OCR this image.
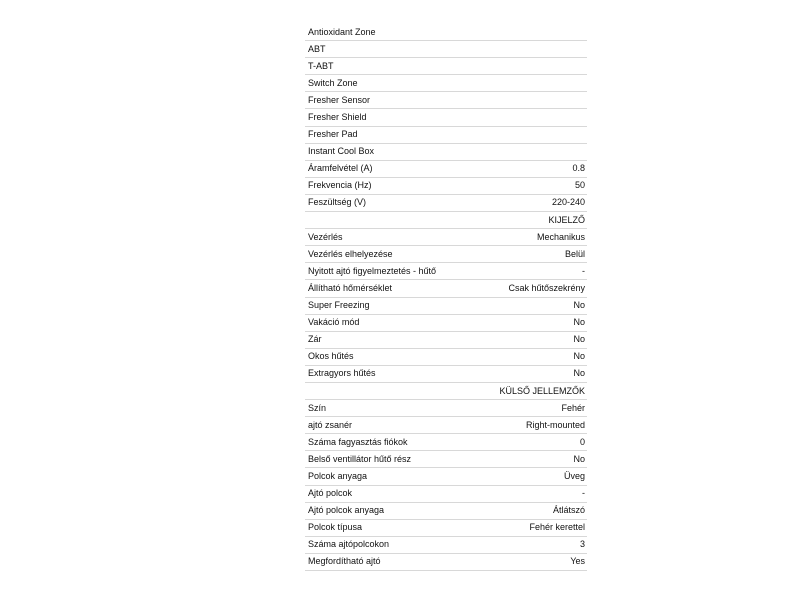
Antioxidant Zone
ABT
T-ABT
Switch Zone
Fresher Sensor
Fresher Shield
Fresher Pad
Instant Cool Box
Áramfelvétel (A)	0.8
Frekvencia (Hz)	50
Feszültség (V)	220-240
KIJELZŐ
Vezérlés	Mechanikus
Vezérlés elhelyezése	Belül
Nyitott ajtó figyelmeztetés - hűtő	-
Állítható hőmérséklet	Csak hűtőszekrény
Super Freezing	No
Vakáció mód	No
Zár	No
Okos hűtés	No
Extragyors hűtés	No
KÜLSŐ JELLEMZŐK
Szín	Fehér
ajtó zsanér	Right-mounted
Száma fagyasztás fiókok	0
Belső ventillátor hűtő rész	No
Polcok anyaga	Üveg
Ajtó polcok	-
Ajtó polcok anyaga	Átlátszó
Polcok típusa	Fehér kerettel
Száma ajtópolcokon	3
Megfordítható ajtó	Yes
